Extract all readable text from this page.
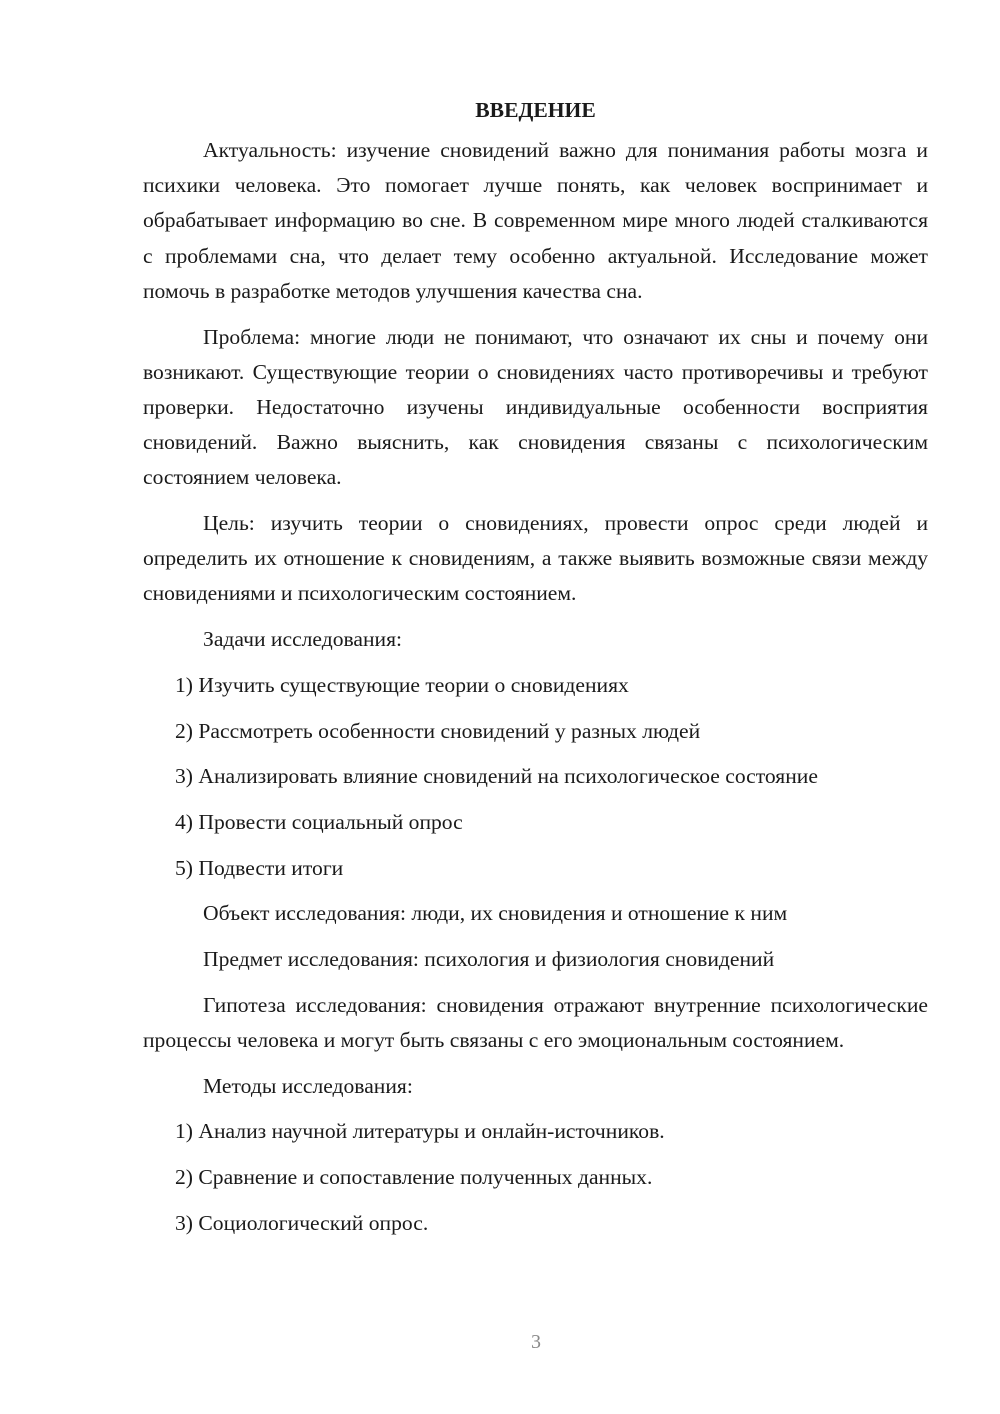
ВВЕДЕНИЕ

Актуальность: изучение сновидений важно для понимания работы мозга и психики человека. Это помогает лучше понять, как человек воспринимает и обрабатывает информацию во сне. В современном мире много людей сталкиваются с проблемами сна, что делает тему особенно актуальной. Исследование может помочь в разработке методов улучшения качества сна.

Проблема: многие люди не понимают, что означают их сны и почему они возникают. Существующие теории о сновидениях часто противоречивы и требуют проверки. Недостаточно изучены индивидуальные особенности восприятия сновидений. Важно выяснить, как сновидения связаны с психологическим состоянием человека.

Цель: изучить теории о сновидениях, провести опрос среди людей и определить их отношение к сновидениям, а также выявить возможные связи между сновидениями и психологическим состоянием.

Задачи исследования:

1) Изучить существующие теории о сновидениях
2) Рассмотреть особенности сновидений у разных людей
3) Анализировать влияние сновидений на психологическое состояние
4) Провести социальный опрос
5) Подвести итоги

Объект исследования: люди, их сновидения и отношение к ним

Предмет исследования: психология и физиология сновидений

Гипотеза исследования: сновидения отражают внутренние психологические процессы человека и могут быть связаны с его эмоциональным состоянием.

Методы исследования:

1) Анализ научной литературы и онлайн-источников.
2) Сравнение и сопоставление полученных данных.
3) Социологический опрос.
3
